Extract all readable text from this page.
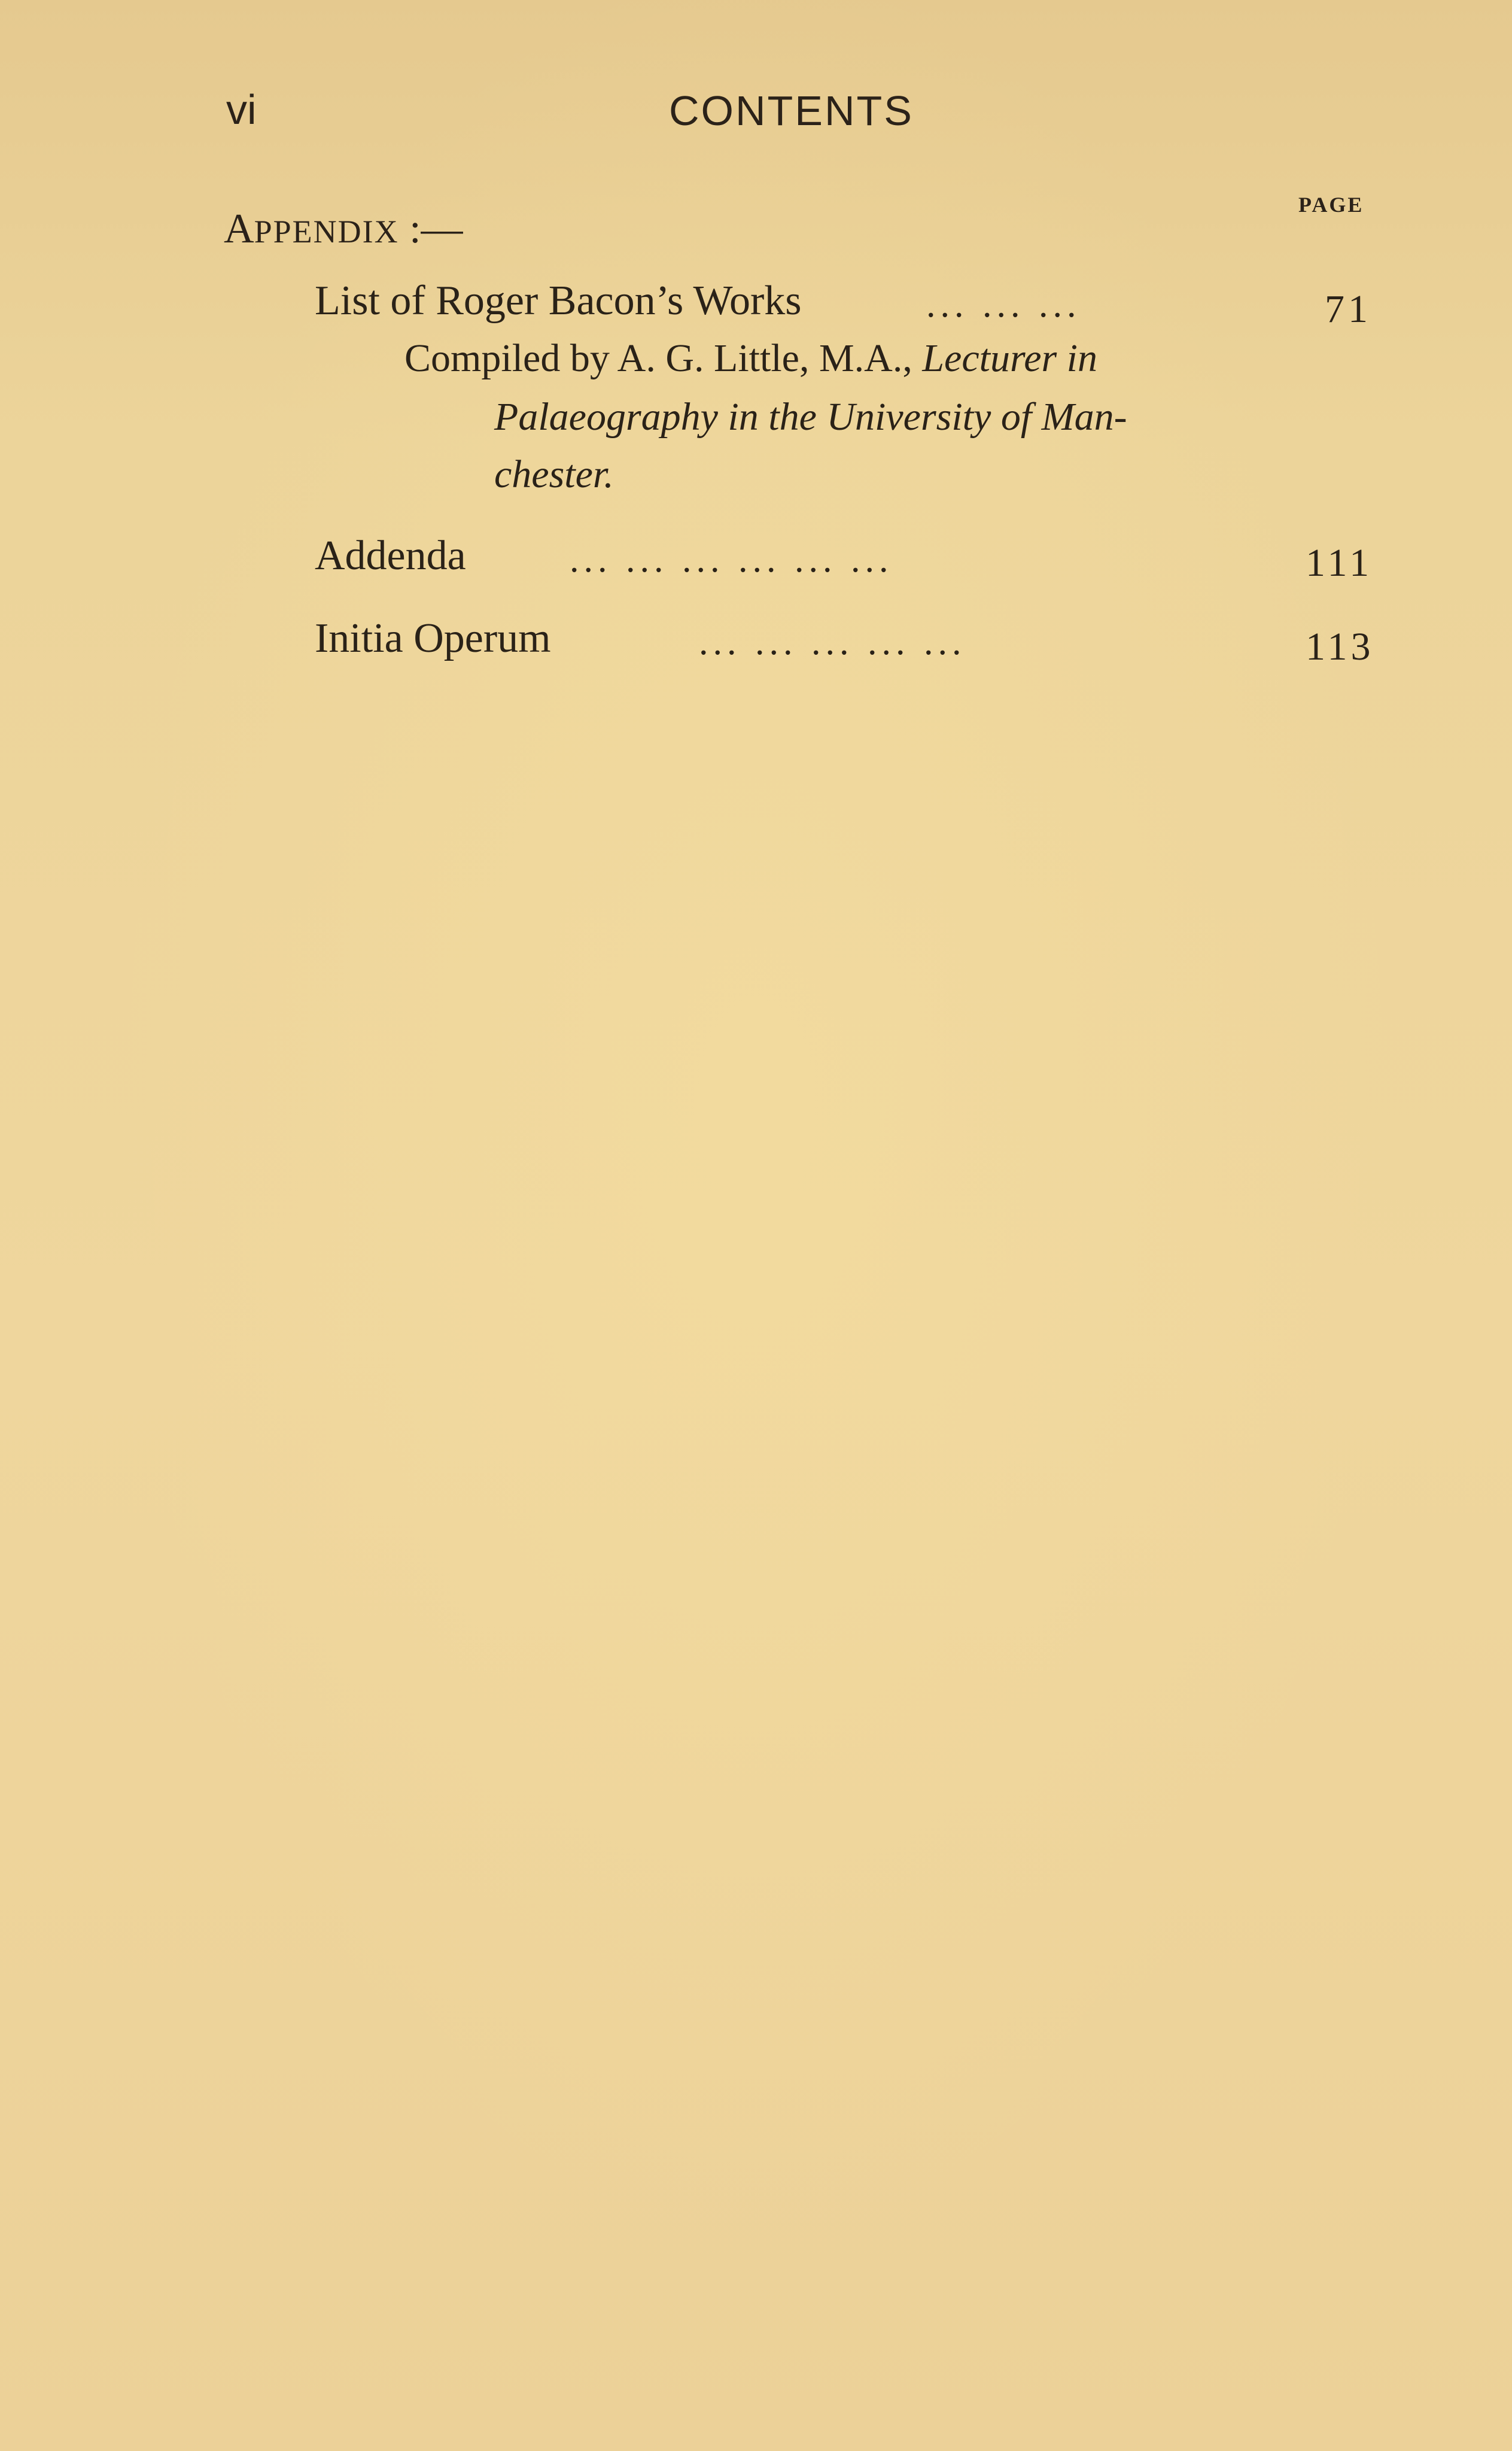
vi	CONTENTS
PAGE
APPENDIX :—
List of Roger Bacon’s Works	... ... ...	71
Compiled by A. G. Little, M.A., Lecturer in
Palaeography in the University of Man-
chester.
Addenda	... ... ... ... ... ...	111
Initia Operum	... ... ... ... ...	113
